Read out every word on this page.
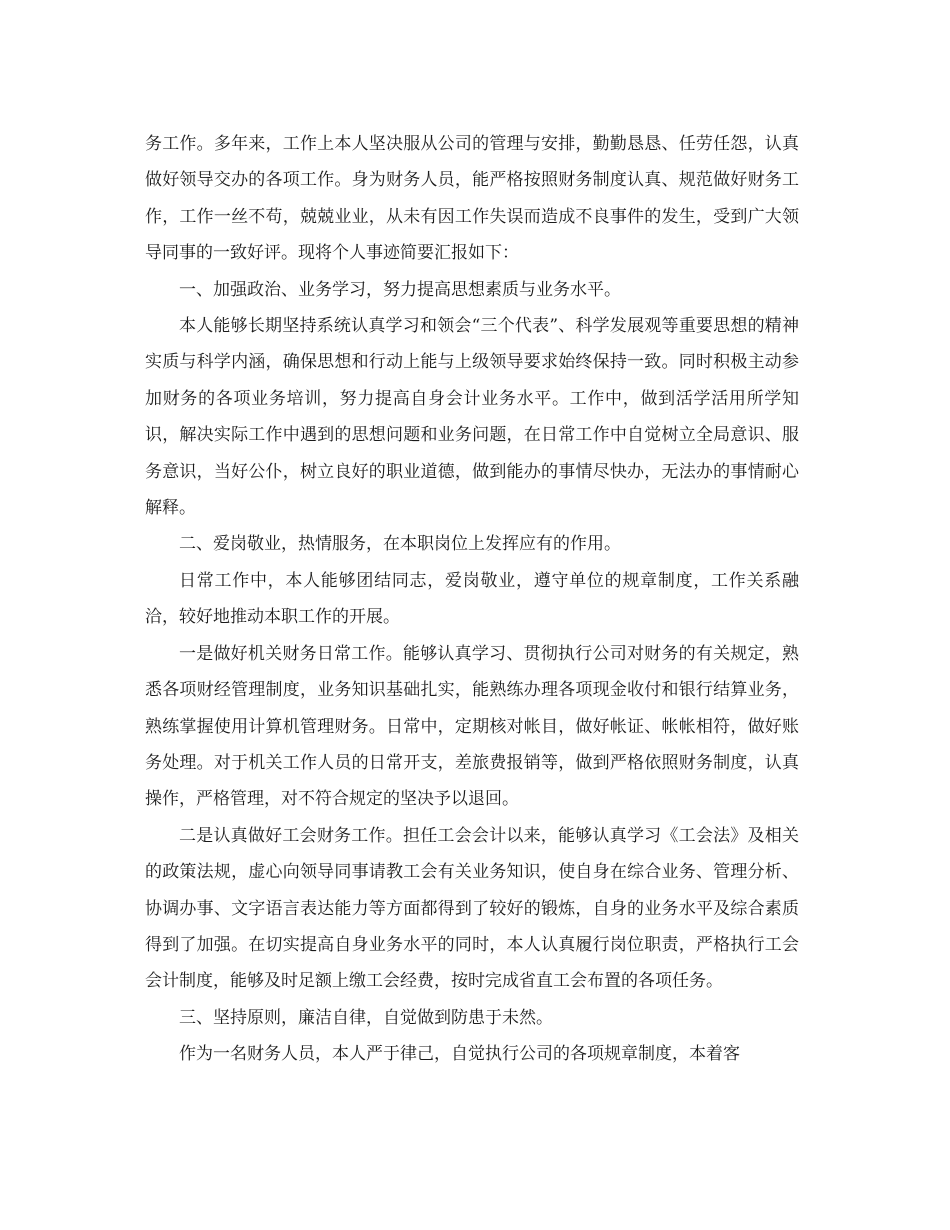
务工作。多年来，工作上本人坚决服从公司的管理与安排，勤勤恳恳、任劳任怨，认真做好领导交办的各项工作。身为财务人员，能严格按照财务制度认真、规范做好财务工作，工作一丝不苟，兢兢业业，从未有因工作失误而造成不良事件的发生，受到广大领导同事的一致好评。现将个人事迹简要汇报如下：

一、加强政治、业务学习，努力提高思想素质与业务水平。

本人能够长期坚持系统认真学习和领会“三个代表”、科学发展观等重要思想的精神实质与科学内涵，确保思想和行动上能与上级领导要求始终保持一致。同时积极主动参加财务的各项业务培训，努力提高自身会计业务水平。工作中，做到活学活用所学知识，解决实际工作中遇到的思想问题和业务问题，在日常工作中自觉树立全局意识、服务意识，当好公仆，树立良好的职业道德，做到能办的事情尽快办，无法办的事情耐心解释。

二、爱岗敬业，热情服务，在本职岗位上发挥应有的作用。

日常工作中，本人能够团结同志，爱岗敬业，遵守单位的规章制度，工作关系融洽，较好地推动本职工作的开展。

一是做好机关财务日常工作。能够认真学习、贯彻执行公司对财务的有关规定，熟悉各项财经管理制度，业务知识基础扎实，能熟练办理各项现金收付和银行结算业务，熟练掌握使用计算机管理财务。日常中，定期核对帐目，做好帐证、帐帐相符，做好账务处理。对于机关工作人员的日常开支，差旅费报销等，做到严格依照财务制度，认真操作，严格管理，对不符合规定的坚决予以退回。

二是认真做好工会财务工作。担任工会会计以来，能够认真学习《工会法》及相关的政策法规，虚心向领导同事请教工会有关业务知识，使自身在综合业务、管理分析、协调办事、文字语言表达能力等方面都得到了较好的锻炼，自身的业务水平及综合素质得到了加强。在切实提高自身业务水平的同时，本人认真履行岗位职责，严格执行工会会计制度，能够及时足额上缴工会经费，按时完成省直工会布置的各项任务。

三、坚持原则，廉洁自律，自觉做到防患于未然。

作为一名财务人员，本人严于律己，自觉执行公司的各项规章制度，本着客
